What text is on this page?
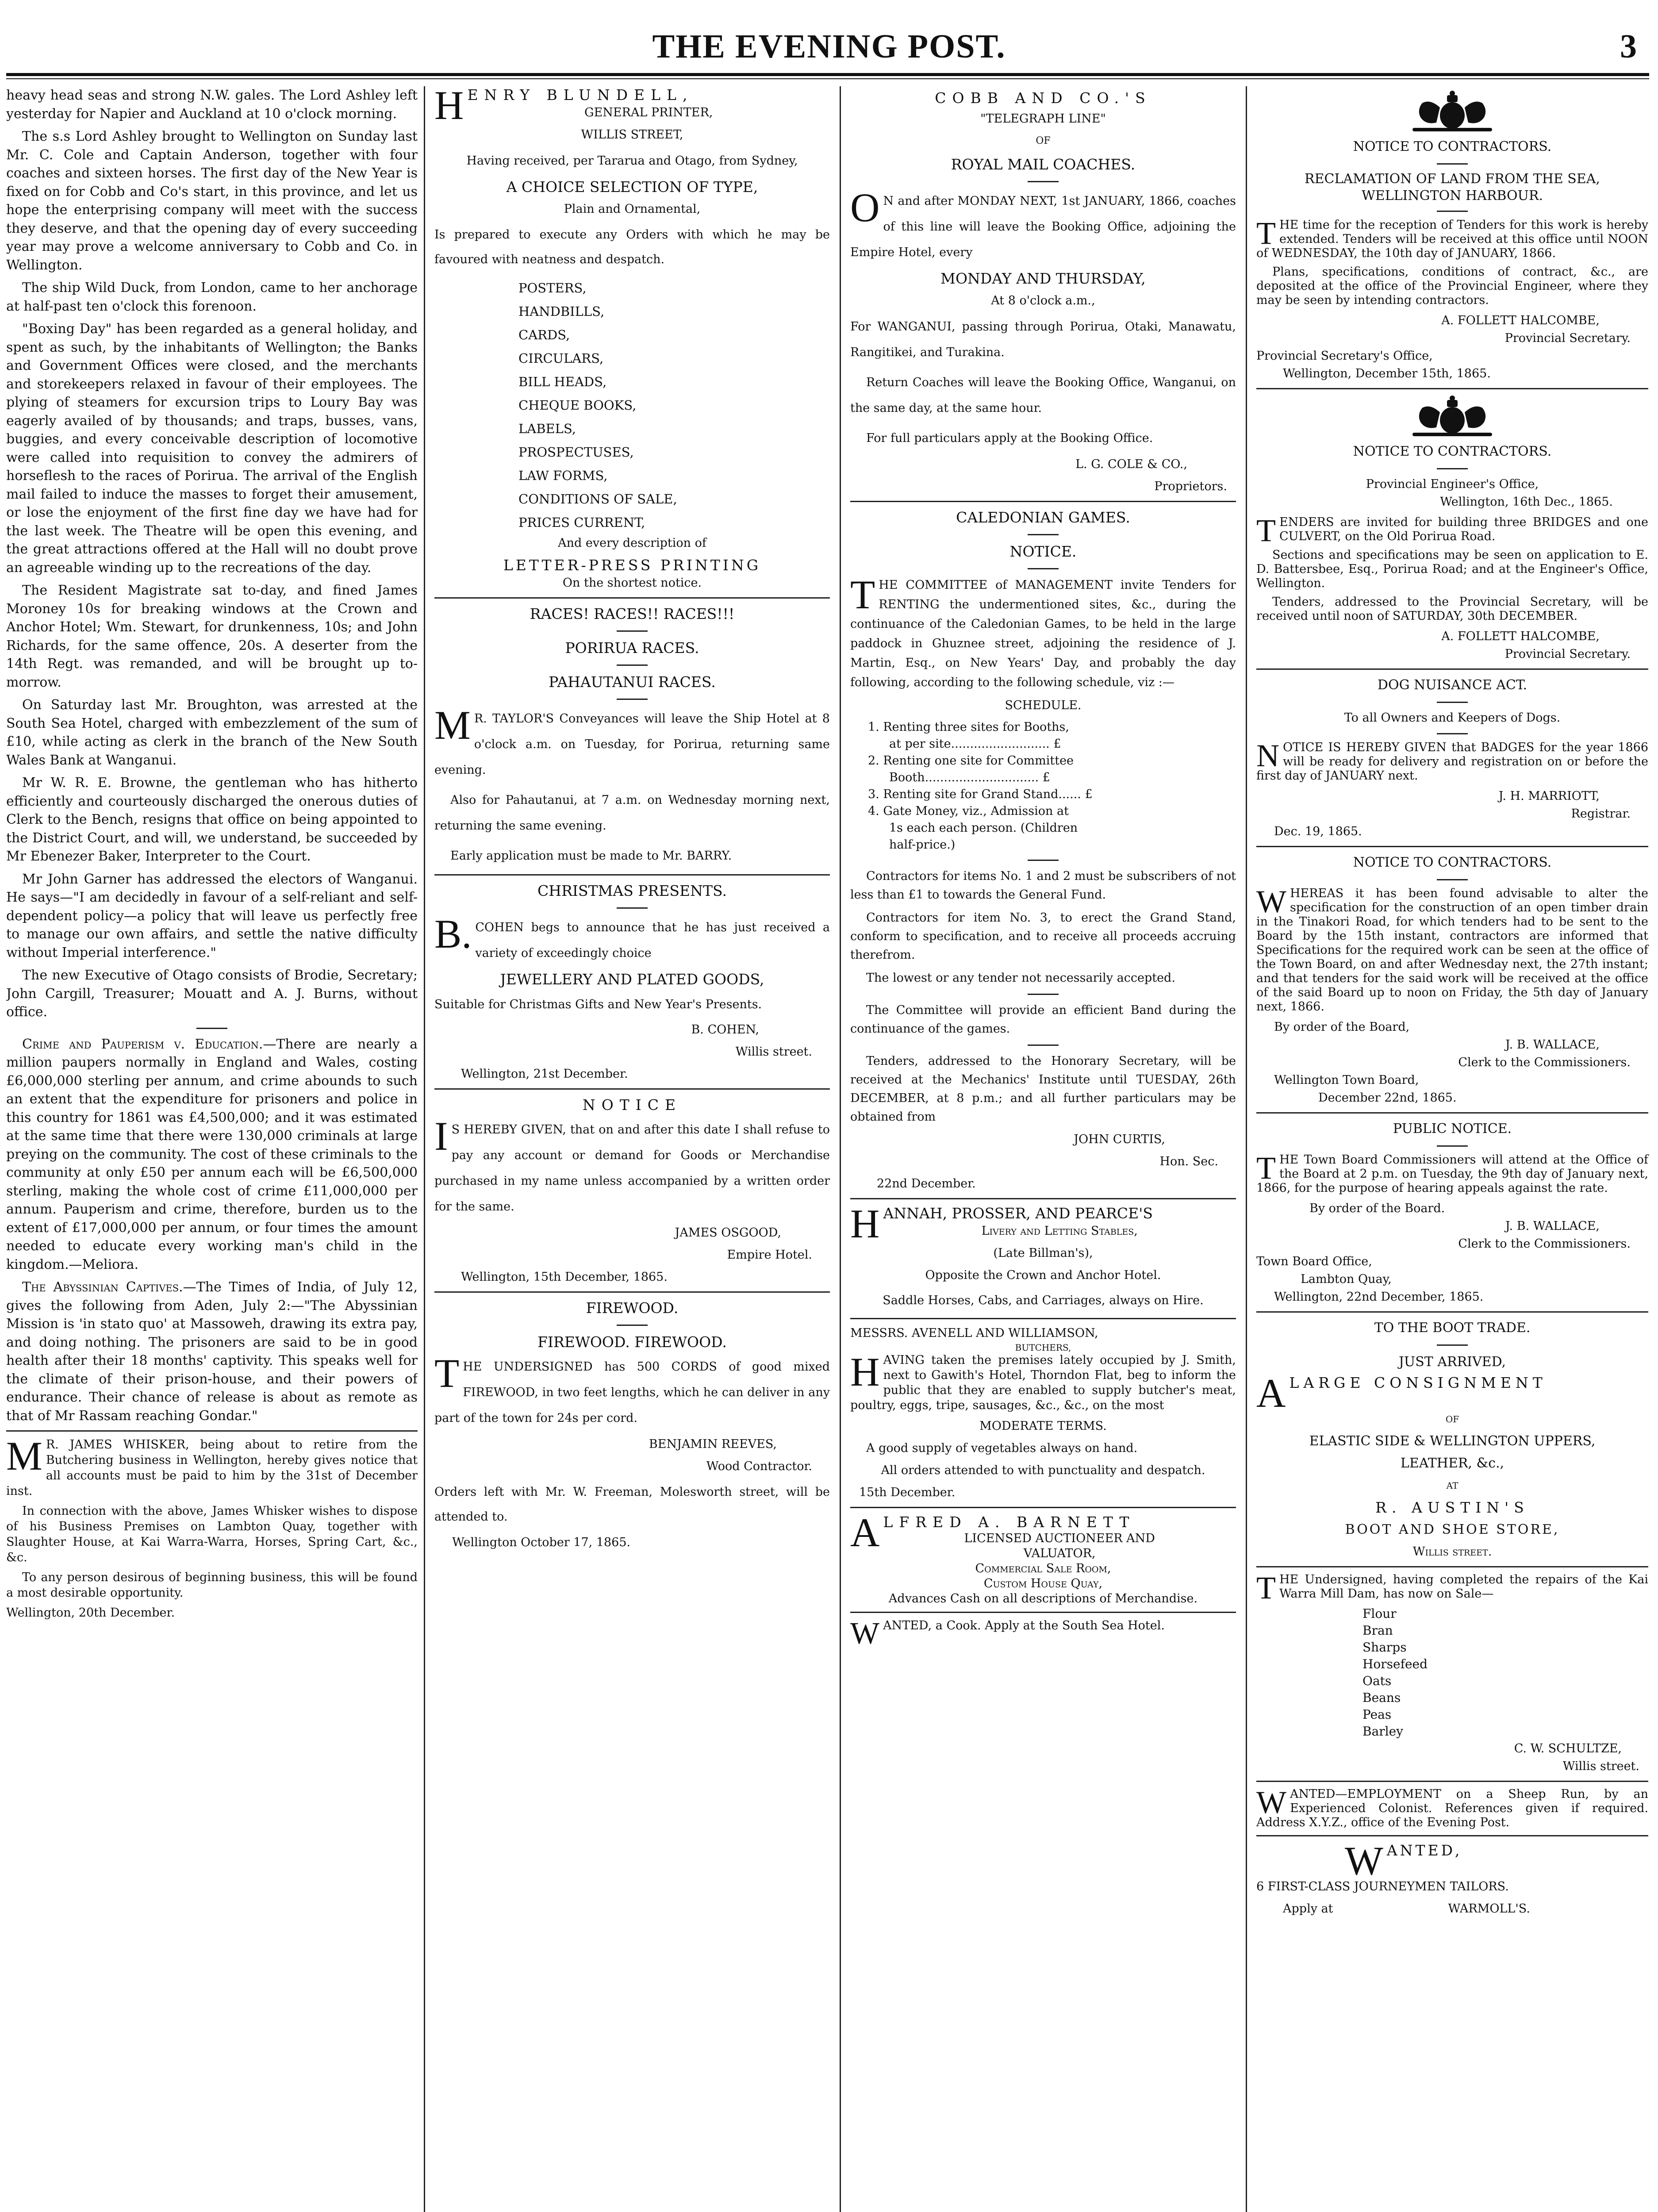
THE EVENING POST.	3

heavy head seas and strong N.W. gales. The Lord Ashley left yesterday for Napier and Auckland at 10 o'clock morning.

The s.s Lord Ashley brought to Wellington on Sunday last Mr. C. Cole and Captain Anderson, together with four coaches and sixteen horses. The first day of the New Year is fixed on for Cobb and Co's start, in this province, and let us hope the enterprising company will meet with the success they deserve, and that the opening day of every succeeding year may prove a welcome anniversary to Cobb and Co. in Wellington.

The ship Wild Duck, from London, came to her anchorage at half-past ten o'clock this forenoon.

"Boxing Day" has been regarded as a general holiday, and spent as such, by the inhabitants of Wellington; the Banks and Government Offices were closed, and the merchants and storekeepers relaxed in favour of their employees. The plying of steamers for excursion trips to Loury Bay was eagerly availed of by thousands; and traps, busses, vans, buggies, and every conceivable description of locomotive were called into requisition to convey the admirers of horseflesh to the races of Porirua. The arrival of the English mail failed to induce the masses to forget their amusement, or lose the enjoyment of the first fine day we have had for the last week. The Theatre will be open this evening, and the great attractions offered at the Hall will no doubt prove an agreeable winding up to the recreations of the day.

The Resident Magistrate sat to-day, and fined James Moroney 10s for breaking windows at the Crown and Anchor Hotel; Wm. Stewart, for drunkenness, 10s; and John Richards, for the same offence, 20s. A deserter from the 14th Regt. was remanded, and will be brought up to-morrow.

On Saturday last Mr. Broughton, was arrested at the South Sea Hotel, charged with embezzlement of the sum of £10, while acting as clerk in the branch of the New South Wales Bank at Wanganui.

Mr W. R. E. Browne, the gentleman who has hitherto efficiently and courteously discharged the onerous duties of Clerk to the Bench, resigns that office on being appointed to the District Court, and will, we understand, be succeeded by Mr Ebenezer Baker, Interpreter to the Court.

Mr John Garner has addressed the electors of Wanganui. He says—"I am decidedly in favour of a self-reliant and self-dependent policy—a policy that will leave us perfectly free to manage our own affairs, and settle the native difficulty without Imperial interference."

The new Executive of Otago consists of Brodie, Secretary; John Cargill, Treasurer; Mouatt and A. J. Burns, without office.

Crime and Pauperism v. Education.—There are nearly a million paupers normally in England and Wales, costing £6,000,000 sterling per annum, and crime abounds to such an extent that the expenditure for prisoners and police in this country for 1861 was £4,500,000; and it was estimated at the same time that there were 130,000 criminals at large preying on the community. The cost of these criminals to the community at only £50 per annum each will be £6,500,000 sterling, making the whole cost of crime £11,000,000 per annum. Pauperism and crime, therefore, burden us to the extent of £17,000,000 per annum, or four times the amount needed to educate every working man's child in the kingdom.—Meliora.

The Abyssinian Captives.—The Times of India, of July 12, gives the following from Aden, July 2:—"The Abyssinian Mission is 'in stato quo' at Massoweh, drawing its extra pay, and doing nothing. The prisoners are said to be in good health after their 18 months' captivity. This speaks well for the climate of their prison-house, and their powers of endurance. Their chance of release is about as remote as that of Mr Rassam reaching Gondar."

M R. JAMES WHISKER, being about to retire from the Butchering business in Wellington, hereby gives notice that all accounts must be paid to him by the 31st of December inst.

In connection with the above, James Whisker wishes to dispose of his Business Premises on Lambton Quay, together with Slaughter House, at Kai Warra-Warra, Horses, Spring Cart, &c., &c.

To any person desirous of beginning business, this will be found a most desirable opportunity.

Wellington, 20th December.

HENRY BLUNDELL,

GENERAL PRINTER,

WILLIS STREET,

Having received, per Tararua and Otago, from Sydney,

A CHOICE SELECTION OF TYPE,

Plain and Ornamental,

Is prepared to execute any Orders with which he may be favoured with neatness and despatch.

POSTERS,

HANDBILLS,

CARDS,

CIRCULARS,

BILL HEADS,

CHEQUE BOOKS,

LABELS,

PROSPECTUSES,

LAW FORMS,

CONDITIONS OF SALE,

PRICES CURRENT,

And every description of

LETTER-PRESS PRINTING

On the shortest notice.

RACES! RACES!! RACES!!!

PORIRUA RACES.

PAHAUTANUI RACES.

M R. TAYLOR'S Conveyances will leave the Ship Hotel at 8 o'clock a.m. on Tuesday, for Porirua, returning same evening.

Also for Pahautanui, at 7 a.m. on Wednesday morning next, returning the same evening.

Early application must be made to Mr. BARRY.

CHRISTMAS PRESENTS.

B. COHEN begs to announce that he has just received a variety of exceedingly choice

JEWELLERY AND PLATED GOODS,

Suitable for Christmas Gifts and New Year's Presents.

B. COHEN,

Willis street.

Wellington, 21st December.

NOTICE

I S HEREBY GIVEN, that on and after this date I shall refuse to pay any account or demand for Goods or Merchandise purchased in my name unless accompanied by a written order for the same.

JAMES OSGOOD,

Empire Hotel.

Wellington, 15th December, 1865.

FIREWOOD.

FIREWOOD. FIREWOOD.

THE UNDERSIGNED has 500 CORDS of good mixed FIREWOOD, in two feet lengths, which he can deliver in any part of the town for 24s per cord.

BENJAMIN REEVES,

Wood Contractor.

Orders left with Mr. W. Freeman, Molesworth street, will be attended to.

Wellington October 17, 1865.

COBB AND CO.'S

"TELEGRAPH LINE"

OF

ROYAL MAIL COACHES.

O N and after MONDAY NEXT, 1st JANUARY, 1866, coaches of this line will leave the Booking Office, adjoining the Empire Hotel, every

MONDAY AND THURSDAY,

At 8 o'clock a.m.,

For WANGANUI, passing through Porirua, Otaki, Manawatu, Rangitikei, and Turakina.

Return Coaches will leave the Booking Office, Wanganui, on the same day, at the same hour.

For full particulars apply at the Booking Office.

L. G. COLE & CO.,

Proprietors.

CALEDONIAN GAMES.

NOTICE.

THE COMMITTEE of MANAGEMENT invite Tenders for RENTING the undermentioned sites, &c., during the continuance of the Caledonian Games, to be held in the large paddock in Ghuznee street, adjoining the residence of J. Martin, Esq., on New Years' Day, and probably the day following, according to the following schedule, viz :—

SCHEDULE.

1. Renting three sites for Booths,

at per site.......................... £

2. Renting one site for Committee

Booth.............................. £

3. Renting site for Grand Stand...... £

4. Gate Money, viz., Admission at

1s each each person. (Children

half-price.)

Contractors for items No. 1 and 2 must be subscribers of not less than £1 to towards the General Fund.

Contractors for item No. 3, to erect the Grand Stand, conform to specification, and to receive all proceeds accruing therefrom.

The lowest or any tender not necessarily accepted.

The Committee will provide an efficient Band during the continuance of the games.

Tenders, addressed to the Honorary Secretary, will be received at the Mechanics' Institute until TUESDAY, 26th DECEMBER, at 8 p.m.; and all further particulars may be obtained from

JOHN CURTIS,

Hon. Sec.

22nd December.

HANNAH, PROSSER, AND PEARCE'S

Livery and Letting Stables,

(Late Billman's),

Opposite the Crown and Anchor Hotel.

Saddle Horses, Cabs, and Carriages, always on Hire.

MESSRS. AVENELL AND WILLIAMSON,

BUTCHERS,

HAVING taken the premises lately occupied by J. Smith, next to Gawith's Hotel, Thorndon Flat, beg to inform the public that they are enabled to supply butcher's meat, poultry, eggs, tripe, sausages, &c., &c., on the most

MODERATE TERMS.

A good supply of vegetables always on hand.

All orders attended to with punctuality and despatch.

15th December.

ALFRED A. BARNETT

LICENSED AUCTIONEER AND

VALUATOR,

Commercial Sale Room,

Custom House Quay,

Advances Cash on all descriptions of Merchandise.

WANTED, a Cook. Apply at the South Sea Hotel.

NOTICE TO CONTRACTORS.

RECLAMATION OF LAND FROM THE SEA, WELLINGTON HARBOUR.

THE time for the reception of Tenders for this work is hereby extended. Tenders will be received at this office until NOON of WEDNESDAY, the 10th day of JANUARY, 1866.

Plans, specifications, conditions of contract, &c., are deposited at the office of the Provincial Engineer, where they may be seen by intending contractors.

A. FOLLETT HALCOMBE,

Provincial Secretary.

Provincial Secretary's Office,

Wellington, December 15th, 1865.

NOTICE TO CONTRACTORS.

Provincial Engineer's Office,

Wellington, 16th Dec., 1865.

TENDERS are invited for building three BRIDGES and one CULVERT, on the Old Porirua Road.

Sections and specifications may be seen on application to E. D. Battersbee, Esq., Porirua Road; and at the Engineer's Office, Wellington.

Tenders, addressed to the Provincial Secretary, will be received until noon of SATURDAY, 30th DECEMBER.

A. FOLLETT HALCOMBE,

Provincial Secretary.

DOG NUISANCE ACT.

To all Owners and Keepers of Dogs.

NOTICE IS HEREBY GIVEN that BADGES for the year 1866 will be ready for delivery and registration on or before the first day of JANUARY next.

J. H. MARRIOTT,

Registrar.

Dec. 19, 1865.

NOTICE TO CONTRACTORS.

WHEREAS it has been found advisable to alter the specification for the construction of an open timber drain in the Tinakori Road, for which tenders had to be sent to the Board by the 15th instant, contractors are informed that Specifications for the required work can be seen at the office of the Town Board, on and after Wednesday next, the 27th instant; and that tenders for the said work will be received at the office of the said Board up to noon on Friday, the 5th day of January next, 1866.

By order of the Board,

J. B. WALLACE,

Clerk to the Commissioners.

Wellington Town Board,

December 22nd, 1865.

PUBLIC NOTICE.

THE Town Board Commissioners will attend at the Office of the Board at 2 p.m. on Tuesday, the 9th day of January next, 1866, for the purpose of hearing appeals against the rate.

By order of the Board.

J. B. WALLACE,

Clerk to the Commissioners.

Town Board Office,

Lambton Quay,

Wellington, 22nd December, 1865.

TO THE BOOT TRADE.

JUST ARRIVED,

ALARGE CONSIGNMENT

OF

ELASTIC SIDE & WELLINGTON UPPERS,

LEATHER, &c.,

AT

R. AUSTIN'S

BOOT AND SHOE STORE,

Willis street.

THE Undersigned, having completed the repairs of the Kai Warra Mill Dam, has now on Sale—

Flour

Bran

Sharps

Horsefeed

Oats

Beans

Peas

Barley

C. W. SCHULTZE,

Willis street.

WANTED—EMPLOYMENT on a Sheep Run, by an Experienced Colonist. References given if required. Address X.Y.Z., office of the Evening Post.

WANTED,

6 FIRST-CLASS JOURNEYMEN TAILORS.

Apply at	WARMOLL'S.
